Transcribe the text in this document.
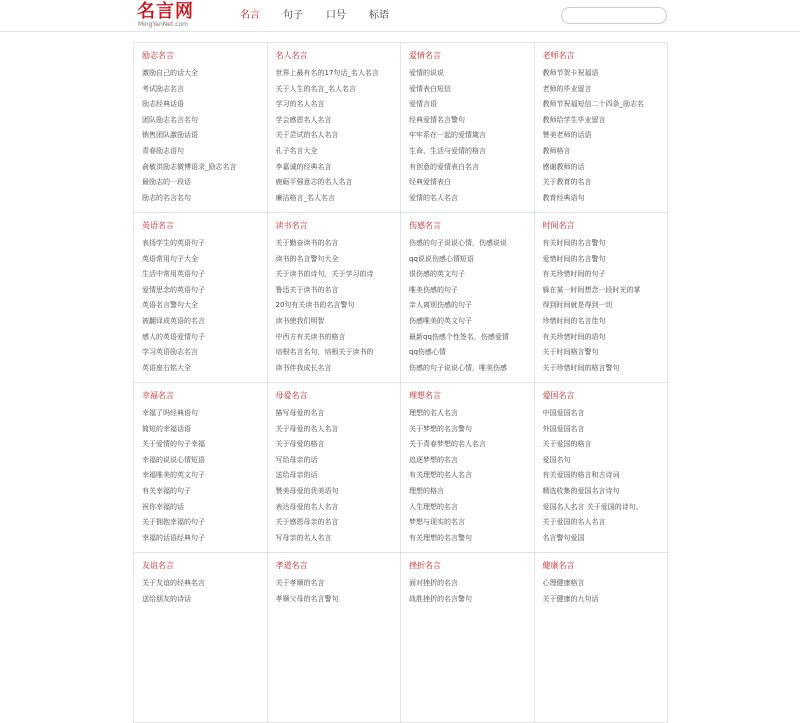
名言网
MingYanNet.com
名言 句子 口号 标语
励志名言
激励自己的话大全
考试励志名言
励志经典话语
团队励志名言名句
销售团队激励话语
青春励志语句
俞敏洪励志微博语录_励志名言
最励志的一段话
励志的名言名句
名人名言
世界上最有名的17句话_名人名言
关于人生的名言_名人名言
学习的名人名言
学会感恩名人名言
关于尝试的名人名言
孔子名言大全
李嘉诚的经典名言
鹿砺平强意志的名人名言
廉洁格言_名人名言
爱情名言
爱情的说说
爱情表白短信
爱情言语
经典爱情名言警句
牢牢系在一起的爱情箴言
生命、生活与爱情的格言
有创意的爱情表白名言
经典爱情表白
爱情的名人名言
老师名言
教师节贺卡祝福语
老师的毕业留言
教师节祝福短信二十四条_励志名
教师给学生毕业留言
赞美老师的话语
教师格言
感谢教师的话
关于教育的名言
教育经典语句
英语名言
表扬学生的英语句子
英语常用句子大全
生活中常用英语句子
爱情思念的英语句子
英语名言警句大全
被翻译成英语的名言
感人的英语爱情句子
学习英语励志名言
英语座右铭大全
读书名言
关于勤奋读书的名言
读书的名言警句大全
关于读书的诗句，关于学习的诗
鲁迅关于读书的名言
20句有关读书的名言警句
读书使我们明智
中西方有关读书的格言
培根名言名句，培根关于读书的
读书伴我成长名言
伤感名言
伤感的句子说说心情，伤感说说
qq说说伤感心情短语
很伤感的英文句子
唯美伤感的句子
亲人离别伤感的句子
伤感唯美的英文句子
最新qq伤感个性签名，伤感爱情
qq伤感心情
伤感的句子说说心情，唯美伤感
时间名言
有关时间的名言警句
爱惜时间的名言警句
有关珍惜时间的句子
躲在某一时间想念一段时光的掌
得到时间就是得到一切
珍惜时间的名言佳句
有关珍惜时间的语句
关于时间格言警句
关于珍惜时间的格言警句
幸福名言
幸福了吗经典语句
简短的幸福话语
关于爱情的句子幸福
幸福的说说心情短语
幸福唯美的英文句子
有关幸福的句子
祝你幸福的话
关于拥抱幸福的句子
幸福的话语经典句子
母爱名言
描写母爱的名言
关于母爱的名人名言
关于母爱的格言
写给母亲的话
送给母亲的话
赞美母爱的优美语句
表达母爱的名人名言
关于感恩母亲的名言
写母亲的名人名言
理想名言
理想的名人名言
关于梦想的名言警句
关于青春梦想的名人名言
追逐梦想的名言
有关理想的名人名言
理想的格言
人生理想的名言
梦想与现实的名言
有关理想的名言警句
爱国名言
中国爱国名言
外国爱国名言
关于爱国的格言
爱国名句
有关爱国的格言和古诗词
精选收集的爱国名言诗句
爱国名人名言 关于爱国的诗句、
关于爱国的名人名言
名言警句爱国
友谊名言
关于友谊的经典名言
送给朋友的诗话
孝道名言
关于孝顺的名言
孝顺父母的名言警句
挫折名言
面对挫折的名言
战胜挫折的名言警句
健康名言
心理健康格言
关于健康的九句话
